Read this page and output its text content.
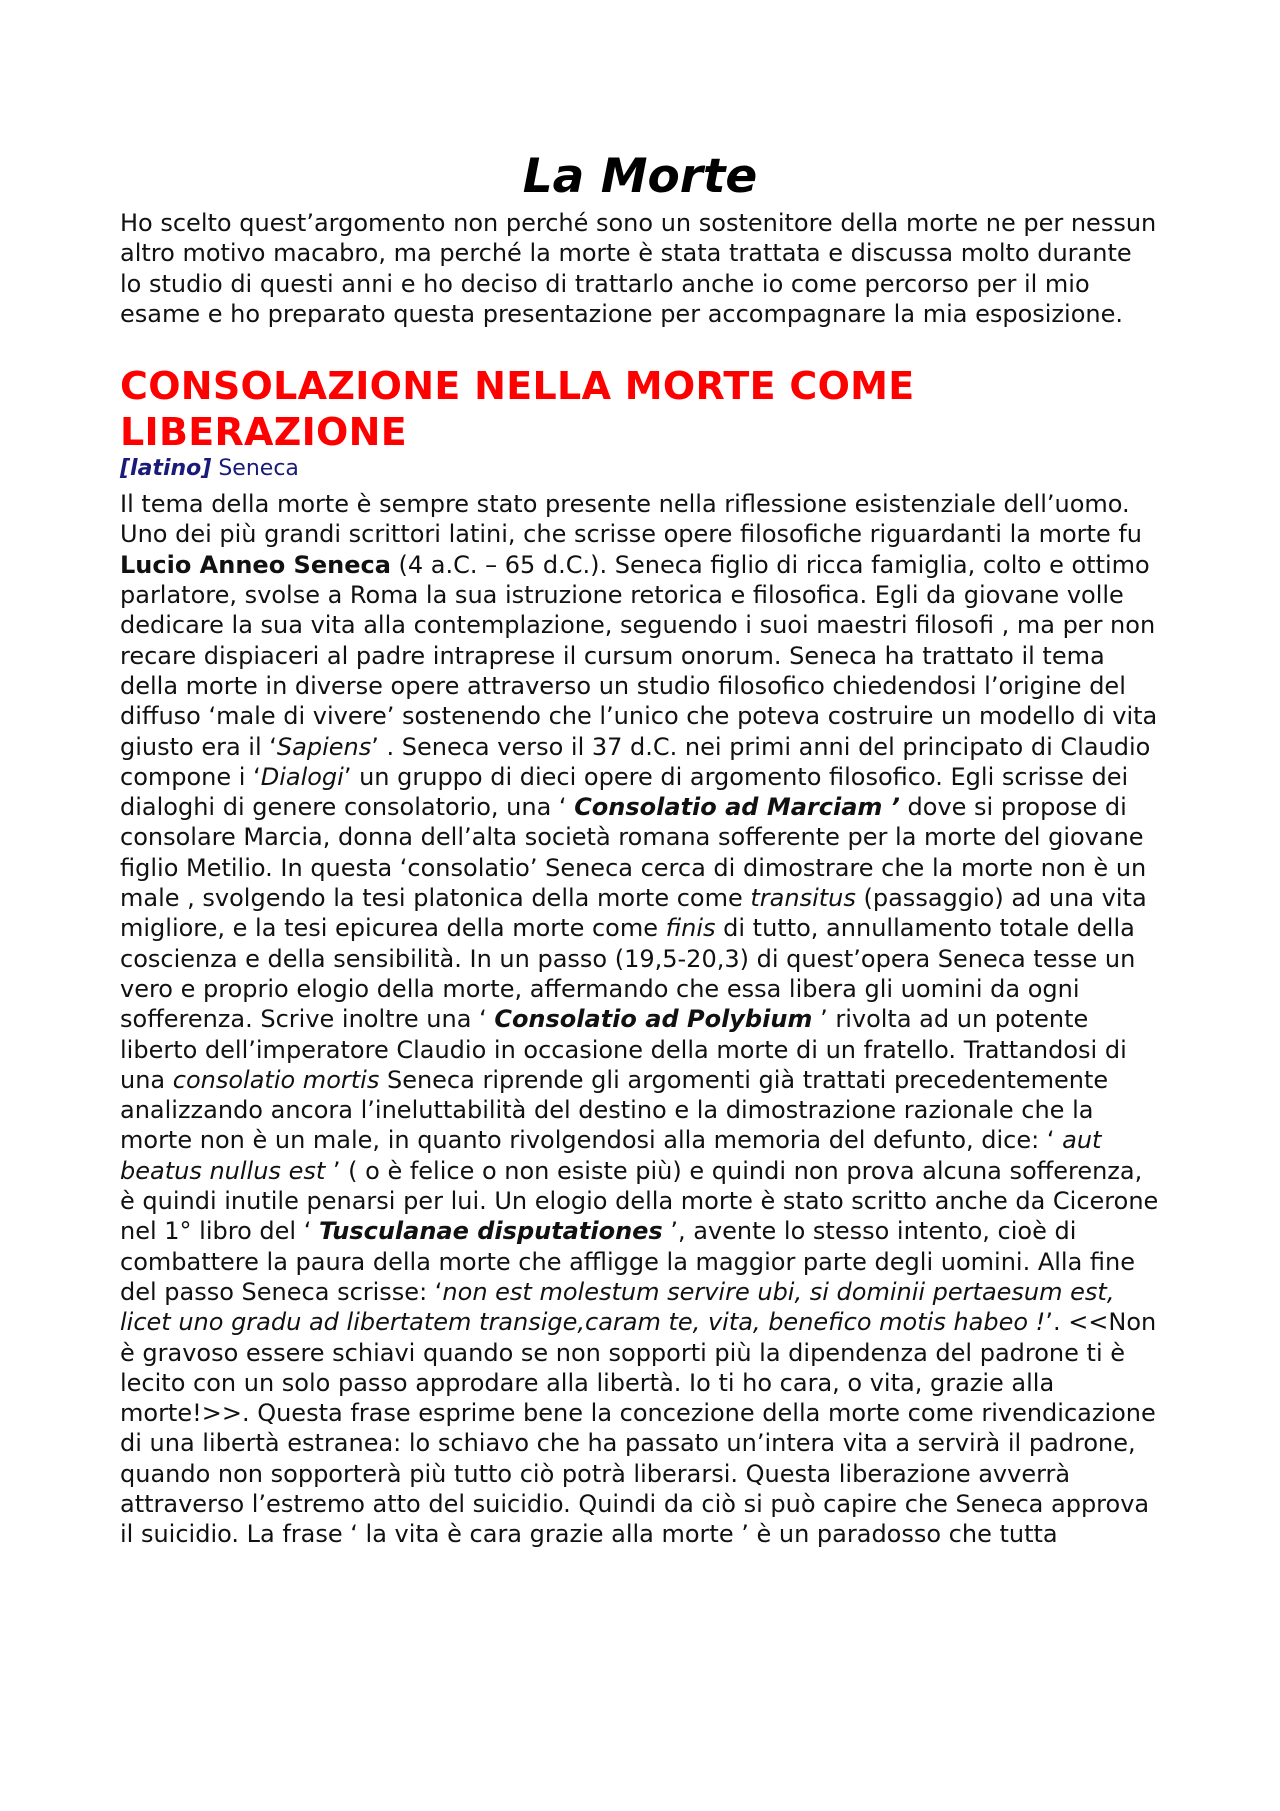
La Morte

Ho scelto quest’argomento non perché sono un sostenitore della morte ne per nessun altro motivo macabro, ma perché la morte è stata trattata e discussa molto durante lo studio di questi anni e ho deciso di trattarlo anche io come percorso per il mio esame e ho preparato questa presentazione per accompagnare la mia esposizione.

CONSOLAZIONE NELLA MORTE COME LIBERAZIONE
[latino] Seneca

Il tema della morte è sempre stato presente nella riflessione esistenziale dell’uomo. Uno dei più grandi scrittori latini, che scrisse opere filosofiche riguardanti la morte fu Lucio Anneo Seneca (4 a.C. – 65 d.C.). Seneca figlio di ricca famiglia, colto e ottimo parlatore, svolse a Roma la sua istruzione retorica e filosofica. Egli da giovane volle dedicare la sua vita alla contemplazione, seguendo i suoi maestri filosofi , ma per non recare dispiaceri al padre intraprese il cursum onorum. Seneca ha trattato il tema della morte in diverse opere attraverso un studio filosofico chiedendosi l’origine del diffuso ‘male di vivere’ sostenendo che l’unico che poteva costruire un modello di vita giusto era il ‘Sapiens’ . Seneca verso il 37 d.C. nei primi anni del principato di Claudio compone i ‘Dialogi’ un gruppo di dieci opere di argomento filosofico. Egli scrisse dei dialoghi di genere consolatorio, una ‘ Consolatio ad Marciam ’ dove si propose di consolare Marcia, donna dell’alta società romana sofferente per la morte del giovane figlio Metilio. In questa ‘consolatio’ Seneca cerca di dimostrare che la morte non è un male , svolgendo la tesi platonica della morte come transitus (passaggio) ad una vita migliore, e la tesi epicurea della morte come finis di tutto, annullamento totale della coscienza e della sensibilità. In un passo (19,5-20,3) di quest’opera Seneca tesse un vero e proprio elogio della morte, affermando che essa libera gli uomini da ogni sofferenza. Scrive inoltre una ‘ Consolatio ad Polybium ’ rivolta ad un potente liberto dell’imperatore Claudio in occasione della morte di un fratello. Trattandosi di una consolatio mortis Seneca riprende gli argomenti già trattati precedentemente analizzando ancora l’ineluttabilità del destino e la dimostrazione razionale che la morte non è un male, in quanto rivolgendosi alla memoria del defunto, dice: ‘ aut beatus nullus est ’ ( o è felice o non esiste più) e quindi non prova alcuna sofferenza, è quindi inutile penarsi per lui. Un elogio della morte è stato scritto anche da Cicerone nel 1° libro del ‘ Tusculanae disputationes ’, avente lo stesso intento, cioè di combattere la paura della morte che affligge la maggior parte degli uomini. Alla fine del passo Seneca scrisse: ‘non est molestum servire ubi, si dominii pertaesum est, licet uno gradu ad libertatem transige,caram te, vita, benefico motis habeo !’. <<Non è gravoso essere schiavi quando se non sopporti più la dipendenza del padrone ti è lecito con un solo passo approdare alla libertà. Io ti ho cara, o vita, grazie alla morte!>>. Questa frase esprime bene la concezione della morte come rivendicazione di una libertà estranea: lo schiavo che ha passato un’intera vita a servirà il padrone, quando non sopporterà più tutto ciò potrà liberarsi. Questa liberazione avverrà attraverso l’estremo atto del suicidio. Quindi da ciò si può capire che Seneca approva il suicidio. La frase ‘ la vita è cara grazie alla morte ’ è un paradosso che tutta
